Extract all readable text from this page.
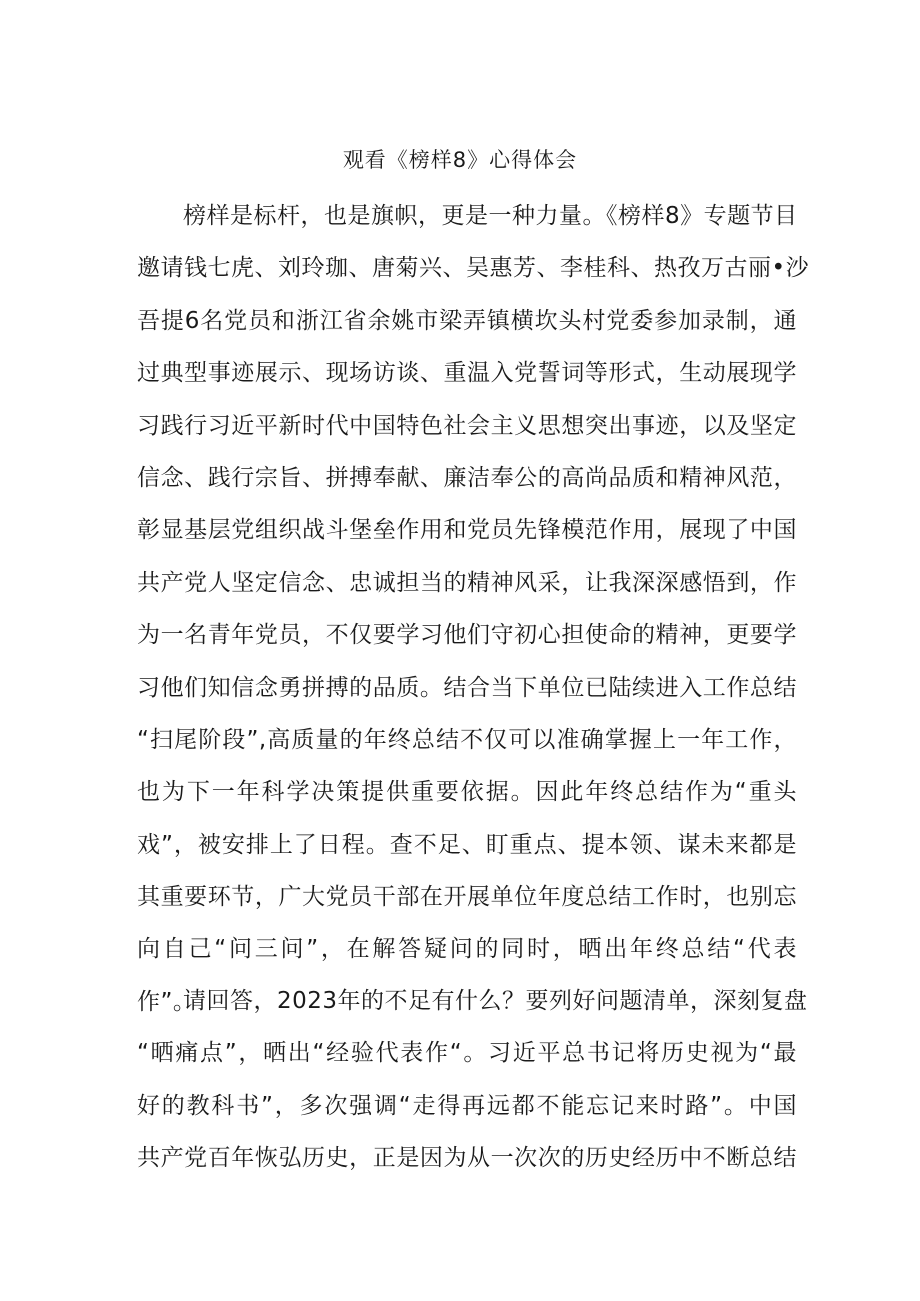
观看《榜样8》心得体会
榜样是标杆，也是旗帜，更是一种力量。《榜样8》专题节目
邀请钱七虎、刘玲珈、唐菊兴、吴惠芳、李桂科、热孜万古丽•沙
吾提6名党员和浙江省余姚市梁弄镇横坎头村党委参加录制，通
过典型事迹展示、现场访谈、重温入党誓词等形式，生动展现学
习践行习近平新时代中国特色社会主义思想突出事迹，以及坚定
信念、践行宗旨、拼搏奉献、廉洁奉公的高尚品质和精神风范，
彰显基层党组织战斗堡垒作用和党员先锋模范作用，展现了中国
共产党人坚定信念、忠诚担当的精神风采，让我深深感悟到，作
为一名青年党员，不仅要学习他们守初心担使命的精神，更要学
习他们知信念勇拼搏的品质。结合当下单位已陆续进入工作总结
“扫尾阶段”,高质量的年终总结不仅可以准确掌握上一年工作，
也为下一年科学决策提供重要依据。因此年终总结作为“重头
戏”，被安排上了日程。查不足、盯重点、提本领、谋未来都是
其重要环节，广大党员干部在开展单位年度总结工作时，也别忘
向自己“问三问”，在解答疑问的同时，晒出年终总结“代表
作”。
请回答，2023年的不足有什么？要列好问题清单，深刻复盘
“晒痛点”，晒出“经验代表作“。习近平总书记将历史视为“最
好的教科书”，多次强调“走得再远都不能忘记来时路”。中国
共产党百年恢弘历史，正是因为从一次次的历史经历中不断总结
